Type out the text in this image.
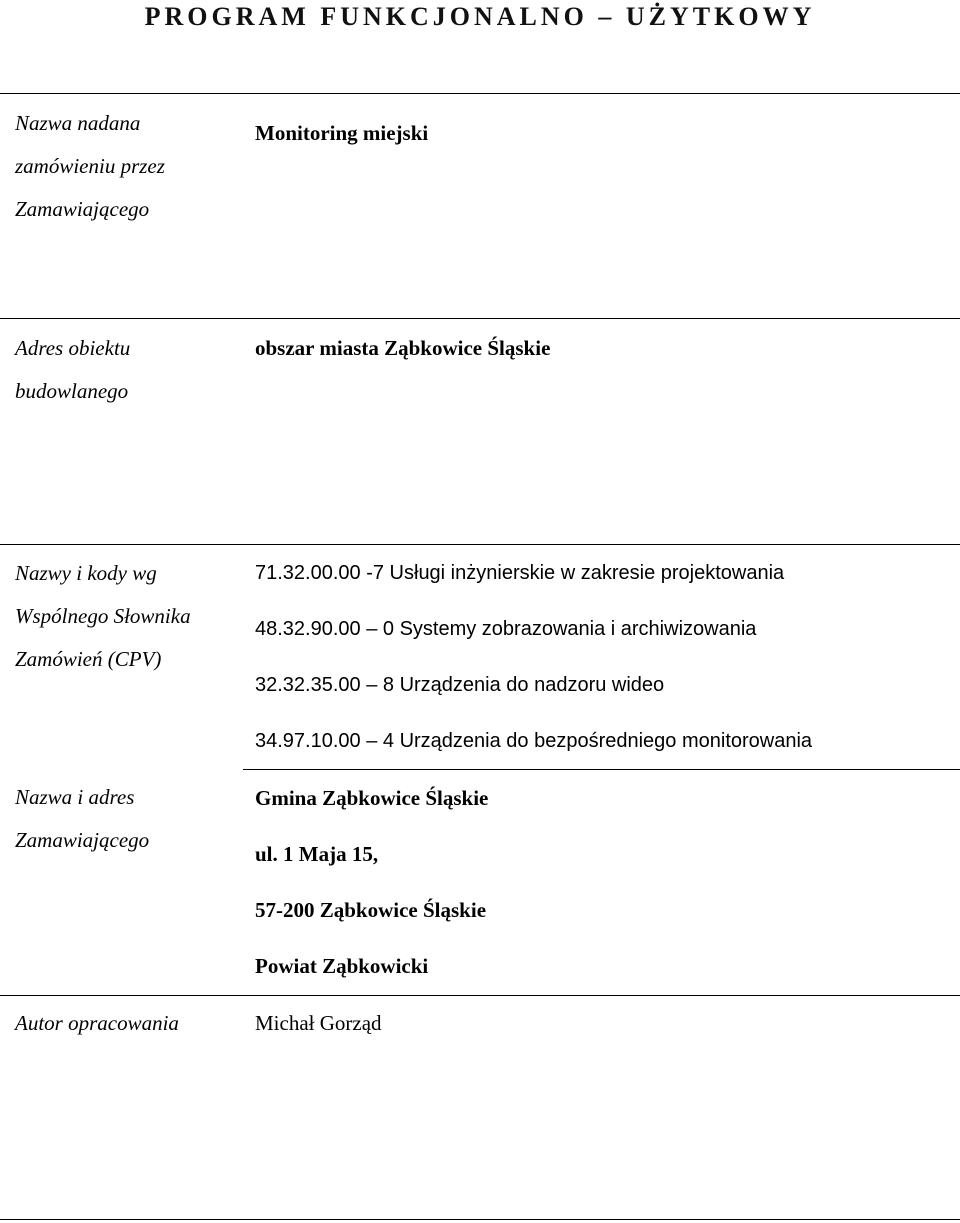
PROGRAM FUNKCJONALNO – UŻYTKOWY
Nazwa nadana
zamówieniu przez
Zamawiającego
Monitoring miejski
Adres obiektu
budowlanego
obszar miasta Ząbkowice Śląskie
Nazwy i kody wg
Wspólnego Słownika
Zamówień (CPV)
71.32.00.00 -7 Usługi inżynierskie w zakresie projektowania
48.32.90.00 – 0 Systemy zobrazowania i archiwizowania
32.32.35.00 – 8 Urządzenia do nadzoru wideo
34.97.10.00 – 4 Urządzenia do bezpośredniego monitorowania
Nazwa i adres
Zamawiającego
Gmina Ząbkowice Śląskie
ul. 1 Maja 15,
57-200 Ząbkowice Śląskie
Powiat Ząbkowicki
Autor opracowania	Michał Gorząd
